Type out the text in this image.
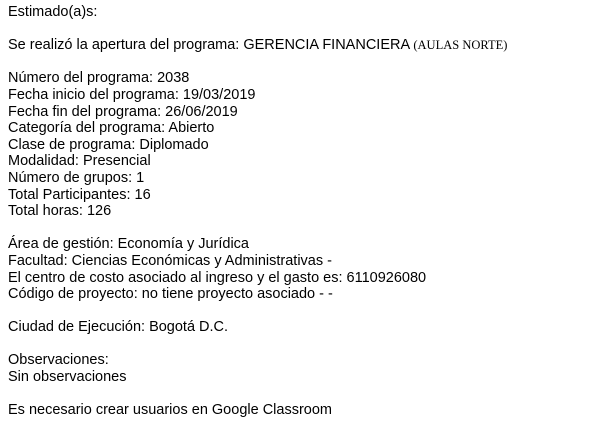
Estimado(a)s:
Se realizó la apertura del programa: GERENCIA FINANCIERA (AULAS NORTE)
Número del programa: 2038
Fecha inicio del programa: 19/03/2019
Fecha fin del programa: 26/06/2019
Categoría del programa: Abierto
Clase de programa: Diplomado
Modalidad: Presencial
Número de grupos: 1
Total Participantes: 16
Total horas: 126
Área de gestión: Economía y Jurídica
Facultad: Ciencias Económicas y Administrativas -
El centro de costo asociado al ingreso y el gasto es: 6110926080
Código de proyecto: no tiene proyecto asociado - -
Ciudad de Ejecución: Bogotá D.C.
Observaciones:
Sin observaciones
Es necesario crear usuarios en Google Classroom
